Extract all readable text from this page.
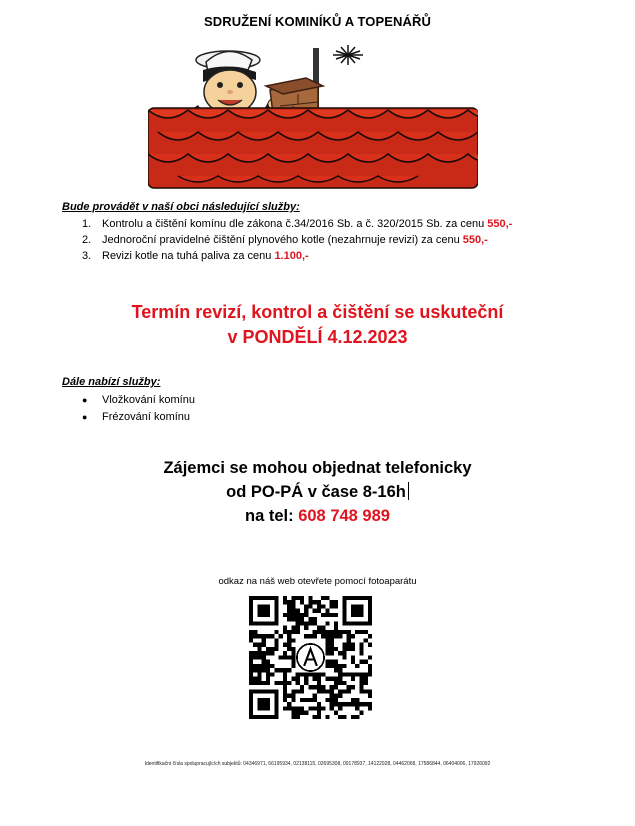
SDRUŽENÍ KOMINÍKŮ A TOPENÁŘŮ
Bude provádět v naší obci následující služby:
1. Kontrolu a čištění komínu dle zákona č.34/2016 Sb. a č. 320/2015 Sb. za cenu 550,-
2. Jednoroční pravidelné čištění plynového kotle (nezahrnuje revizi) za cenu 550,-
3. Revizi kotle na tuhá paliva za cenu 1.100,-
Termín revizí, kontrol a čištění se uskuteční
v PONDĚLÍ 4.12.2023
Dále nabízí služby:
●	Vložkování komínu
●	Frézování komínu
Zájemci se mohou objednat telefonicky
od PO-PÁ v čase 8-16h
na tel: 608 748 989
odkaz na náš web otevřete pomocí fotoaparátu
Identifikační čísla spolupracujících subjektů: 04346971, 66195934, 02138115, 02695308, 09178937, 14122928, 04462068, 17586844, 06404006, 17926092
